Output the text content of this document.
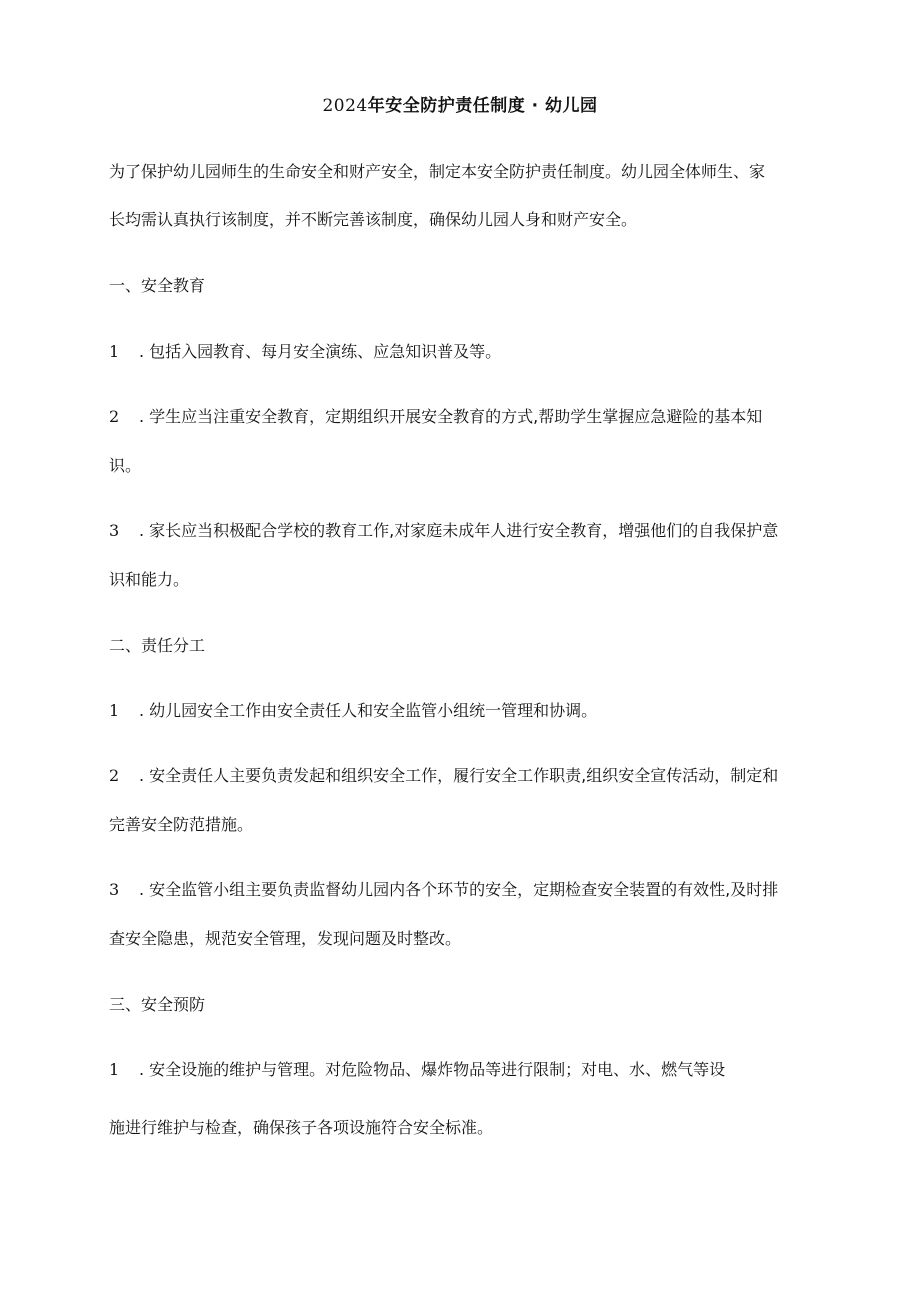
2024年安全防护责任制度 · 幼儿园
为了保护幼儿园师生的生命安全和财产安全，制定本安全防护责任制度。幼儿园全体师生、家
长均需认真执行该制度，并不断完善该制度，确保幼儿园人身和财产安全。
一、安全教育
1 . 包括入园教育、每月安全演练、应急知识普及等。
2 . 学生应当注重安全教育，定期组织开展安全教育的方式,帮助学生掌握应急避险的基本知
识。
3 . 家长应当积极配合学校的教育工作,对家庭未成年人进行安全教育，增强他们的自我保护意
识和能力。
二、责任分工
1 . 幼儿园安全工作由安全责任人和安全监管小组统一管理和协调。
2 . 安全责任人主要负责发起和组织安全工作，履行安全工作职责,组织安全宣传活动，制定和
完善安全防范措施。
3 . 安全监管小组主要负责监督幼儿园内各个环节的安全，定期检查安全装置的有效性,及时排
查安全隐患，规范安全管理，发现问题及时整改。
三、安全预防
1 . 安全设施的维护与管理。对危险物品、爆炸物品等进行限制；对电、水、燃气等设
施进行维护与检查，确保孩子各项设施符合安全标准。
